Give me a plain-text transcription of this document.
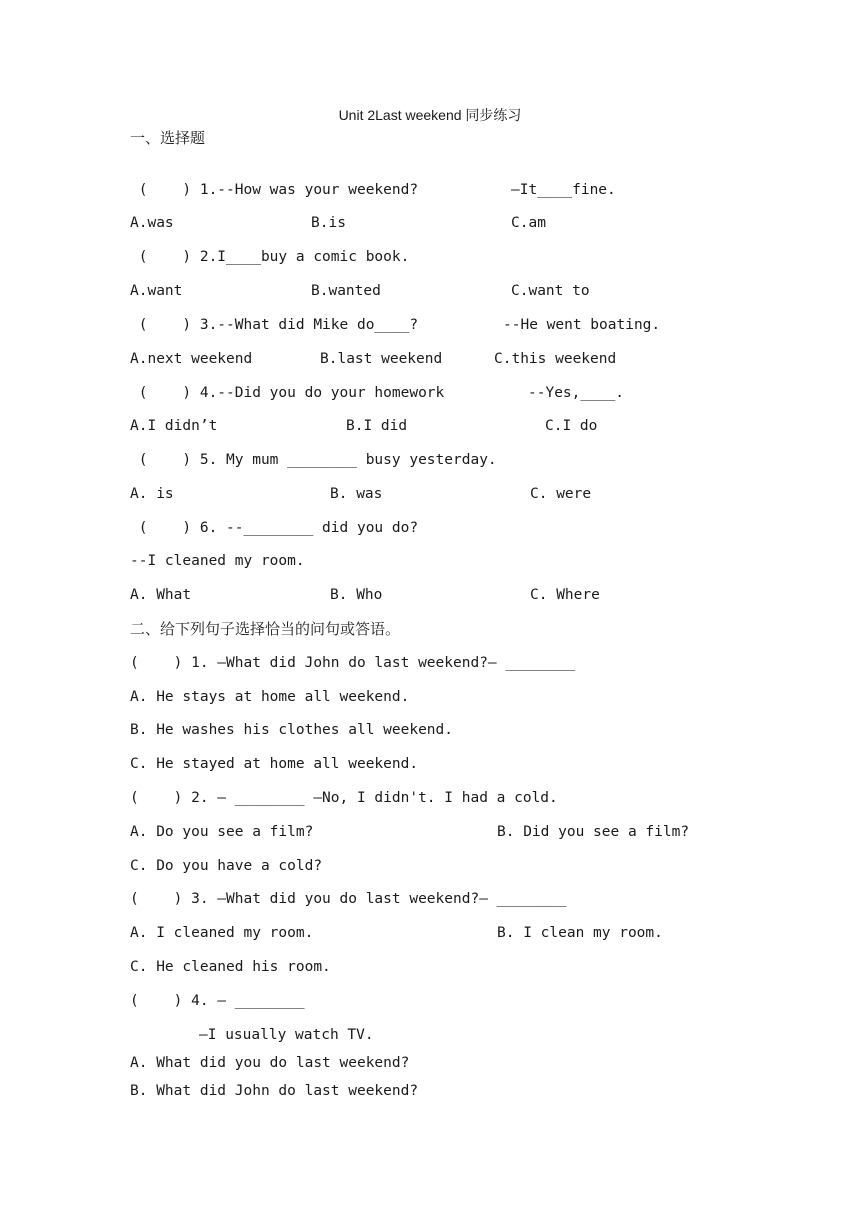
Unit 2Last weekend 同步练习
一、选择题
(    ) 1.--How was your weekend?	—It____fine.
A.was	B.is	C.am
(    ) 2.I____buy a comic book.
A.want	B.wanted	C.want to
(    ) 3.--What did Mike do____?	--He went boating.
A.next weekend	B.last weekend	C.this weekend
(    ) 4.--Did you do your homework	--Yes,____.
A.I didn’t	B.I did	C.I do
(    ) 5. My mum ________ busy yesterday.
A. is	B. was	C. were
(    ) 6. --________ did you do?
--I cleaned my room.
A. What	B. Who	C. Where
二、给下列句子选择恰当的问句或答语。
(    ) 1. —What did John do last weekend?— ________
A. He stays at home all weekend.
B. He washes his clothes all weekend.
C. He stayed at home all weekend.
(    ) 2. — ________ —No, I didn't. I had a cold.
A. Do you see a film?	B. Did you see a film?
C. Do you have a cold?
(    ) 3. —What did you do last weekend?— ________
A. I cleaned my room.	B. I clean my room.
C. He cleaned his room.
(    ) 4. — ________
—I usually watch TV.
A. What did you do last weekend?
B. What did John do last weekend?
